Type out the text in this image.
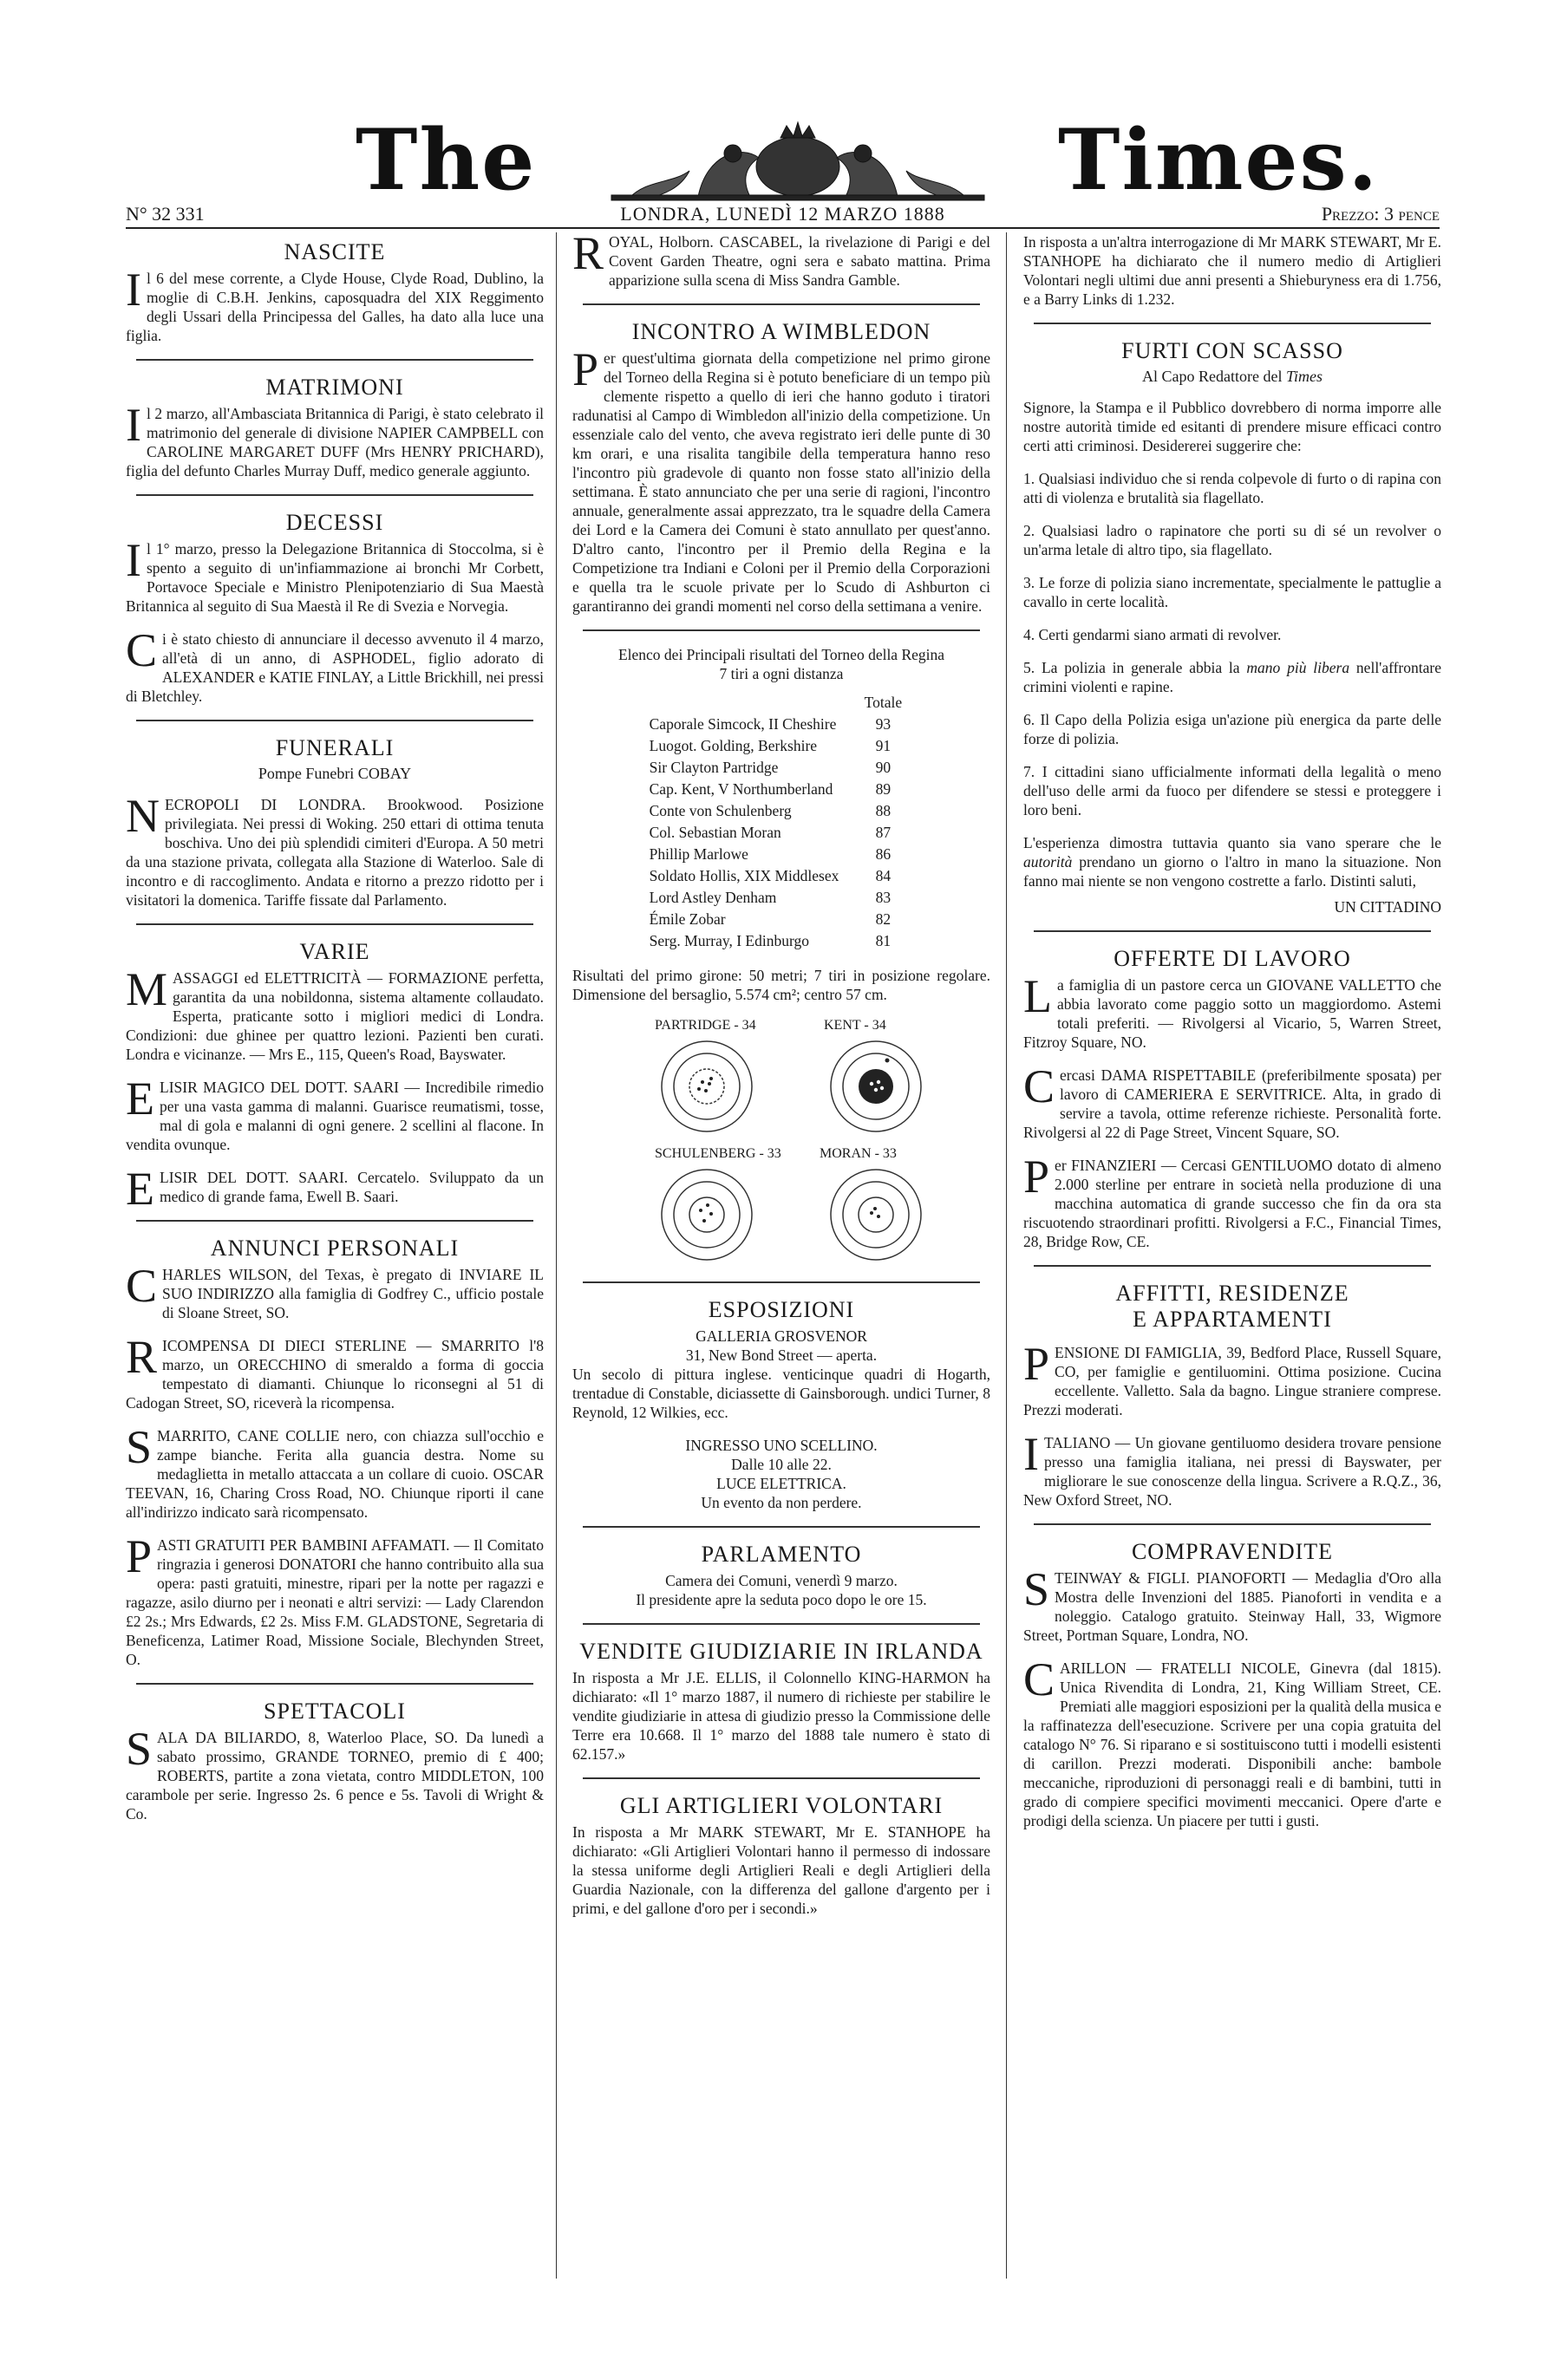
The	Times.
N° 32 331	LONDRA, LUNEDÌ 12 MARZO 1888	Prezzo: 3 pence
NASCITE

Il 6 del mese corrente, a Clyde House, Clyde Road, Dublino, la moglie di C.B.H. Jenkins, caposquadra del XIX Reggimento degli Ussari della Principessa del Galles, ha dato alla luce una figlia.

MATRIMONI

Il 2 marzo, all'Ambasciata Britannica di Parigi, è stato celebrato il matrimonio del generale di divisione NAPIER CAMPBELL con CAROLINE MARGARET DUFF (Mrs HENRY PRICHARD), figlia del defunto Charles Murray Duff, medico generale aggiunto.

DECESSI

Il 1° marzo, presso la Delegazione Britannica di Stoccolma, si è spento a seguito di un'infiammazione ai bronchi Mr Corbett, Portavoce Speciale e Ministro Plenipotenziario di Sua Maestà Britannica al seguito di Sua Maestà il Re di Svezia e Norvegia.

Ci è stato chiesto di annunciare il decesso avvenuto il 4 marzo, all'età di un anno, di ASPHODEL, figlio adorato di ALEXANDER e KATIE FINLAY, a Little Brickhill, nei pressi di Bletchley.

FUNERALI
Pompe Funebri COBAY

NECROPOLI DI LONDRA. Brookwood. Posizione privilegiata. Nei pressi di Woking. 250 ettari di ottima tenuta boschiva. Uno dei più splendidi cimiteri d'Europa. A 50 metri da una stazione privata, collegata alla Stazione di Waterloo. Sale di incontro e di raccoglimento. Andata e ritorno a prezzo ridotto per i visitatori la domenica. Tariffe fissate dal Parlamento.

VARIE

MASSAGGI ed ELETTRICITÀ — FORMAZIONE perfetta, garantita da una nobildonna, sistema altamente collaudato. Esperta, praticante sotto i migliori medici di Londra. Condizioni: due ghinee per quattro lezioni. Pazienti ben curati. Londra e vicinanze. — Mrs E., 115, Queen's Road, Bayswater.

ELISIR MAGICO DEL DOTT. SAARI — Incredibile rimedio per una vasta gamma di malanni. Guarisce reumatismi, tosse, mal di gola e malanni di ogni genere. 2 scellini al flacone. In vendita ovunque.

ELISIR DEL DOTT. SAARI. Cercatelo. Sviluppato da un medico di grande fama, Ewell B. Saari.

ANNUNCI PERSONALI

CHARLES WILSON, del Texas, è pregato di INVIARE IL SUO INDIRIZZO alla famiglia di Godfrey C., ufficio postale di Sloane Street, SO.

RICOMPENSA DI DIECI STERLINE — SMARRITO l'8 marzo, un ORECCHINO di smeraldo a forma di goccia tempestato di diamanti. Chiunque lo riconsegni al 51 di Cadogan Street, SO, riceverà la ricompensa.

SMARRITO, CANE COLLIE nero, con chiazza sull'occhio e zampe bianche. Ferita alla guancia destra. Nome su medaglietta in metallo attaccata a un collare di cuoio. OSCAR TEEVAN, 16, Charing Cross Road, NO. Chiunque riporti il cane all'indirizzo indicato sarà ricompensato.

PASTI GRATUITI PER BAMBINI AFFAMATI. — Il Comitato ringrazia i generosi DONATORI che hanno contribuito alla sua opera: pasti gratuiti, minestre, ripari per la notte per ragazzi e ragazze, asilo diurno per i neonati e altri servizi: — Lady Clarendon £2 2s.; Mrs Edwards, £2 2s. Miss F.M. GLADSTONE, Segretaria di Beneficenza, Latimer Road, Missione Sociale, Blechynden Street, O.

SPETTACOLI

SALA DA BILIARDO, 8, Waterloo Place, SO. Da lunedì a sabato prossimo, GRANDE TORNEO, premio di £ 400; ROBERTS, partite a zona vietata, contro MIDDLETON, 100 carambole per serie. Ingresso 2s. 6 pence e 5s. Tavoli di Wright & Co.

ROYAL, Holborn. CASCABEL, la rivelazione di Parigi e del Covent Garden Theatre, ogni sera e sabato mattina. Prima apparizione sulla scena di Miss Sandra Gamble.

INCONTRO A WIMBLEDON

Per quest'ultima giornata della competizione nel primo girone del Torneo della Regina si è potuto beneficiare di un tempo più clemente rispetto a quello di ieri che hanno goduto i tiratori radunatisi al Campo di Wimbledon all'inizio della competizione. Un essenziale calo del vento, che aveva registrato ieri delle punte di 30 km orari, e una risalita tangibile della temperatura hanno reso l'incontro più gradevole di quanto non fosse stato all'inizio della settimana. È stato annunciato che per una serie di ragioni, l'incontro annuale, generalmente assai apprezzato, tra le squadre della Camera dei Lord e la Camera dei Comuni è stato annullato per quest'anno. D'altro canto, l'incontro per il Premio della Regina e la Competizione tra Indiani e Coloni per il Premio della Corporazioni e quella tra le scuole private per lo Scudo di Ashburton ci garantiranno dei grandi momenti nel corso della settimana a venire.

Elenco dei Principali risultati del Torneo della Regina
7 tiri a ogni distanza
	Totale
Caporale Simcock, II Cheshire	93
Luogot. Golding, Berkshire	91
Sir Clayton Partridge	90
Cap. Kent, V Northumberland	89
Conte von Schulenberg	88
Col. Sebastian Moran	87
Phillip Marlowe	86
Soldato Hollis, XIX Middlesex	84
Lord Astley Denham	83
Émile Zobar	82
Serg. Murray, I Edinburgo	81

Risultati del primo girone: 50 metri; 7 tiri in posizione regolare. Dimensione del bersaglio, 5.574 cm²; centro 57 cm.

PARTRIDGE - 34	KENT - 34
SCHULENBERG - 33	MORAN - 33
ESPOSIZIONI
GALLERIA GROSVENOR
31, New Bond Street — aperta.

Un secolo di pittura inglese. venticinque quadri di Hogarth, trentadue di Constable, diciassette di Gainsborough. undici Turner, 8 Reynold, 12 Wilkies, ecc.

INGRESSO UNO SCELLINO.
Dalle 10 alle 22.
LUCE ELETTRICA.
Un evento da non perdere.
PARLAMENTO
Camera dei Comuni, venerdì 9 marzo.
Il presidente apre la seduta poco dopo le ore 15.
VENDITE GIUDIZIARIE IN IRLANDA

In risposta a Mr J.E. ELLIS, il Colonnello KING-HARMON ha dichiarato: «Il 1° marzo 1887, il numero di richieste per stabilire le vendite giudiziarie in attesa di giudizio presso la Commissione delle Terre era 10.668. Il 1° marzo del 1888 tale numero è stato di 62.157.»

GLI ARTIGLIERI VOLONTARI

In risposta a Mr MARK STEWART, Mr E. STANHOPE ha dichiarato: «Gli Artiglieri Volontari hanno il permesso di indossare la stessa uniforme degli Artiglieri Reali e degli Artiglieri della Guardia Nazionale, con la differenza del gallone d'argento per i primi, e del gallone d'oro per i secondi.»

In risposta a un'altra interrogazione di Mr MARK STEWART, Mr E. STANHOPE ha dichiarato che il numero medio di Artiglieri Volontari negli ultimi due anni presenti a Shieburyness era di 1.756, e a Barry Links di 1.232.

FURTI CON SCASSO
Al Capo Redattore del Times

Signore, la Stampa e il Pubblico dovrebbero di norma imporre alle nostre autorità timide ed esitanti di prendere misure efficaci contro certi atti criminosi. Desidererei suggerire che:

1. Qualsiasi individuo che si renda colpevole di furto o di rapina con atti di violenza e brutalità sia flagellato.

2. Qualsiasi ladro o rapinatore che porti su di sé un revolver o un'arma letale di altro tipo, sia flagellato.

3. Le forze di polizia siano incrementate, specialmente le pattuglie a cavallo in certe località.

4. Certi gendarmi siano armati di revolver.

5. La polizia in generale abbia la mano più libera nell'affrontare crimini violenti e rapine.

6. Il Capo della Polizia esiga un'azione più energica da parte delle forze di polizia.

7. I cittadini siano ufficialmente informati della legalità o meno dell'uso delle armi da fuoco per difendere se stessi e proteggere i loro beni.

L'esperienza dimostra tuttavia quanto sia vano sperare che le autorità prendano un giorno o l'altro in mano la situazione. Non fanno mai niente se non vengono costrette a farlo. Distinti saluti,

UN CITTADINO

OFFERTE DI LAVORO

La famiglia di un pastore cerca un GIOVANE VALLETTO che abbia lavorato come paggio sotto un maggiordomo. Astemi totali preferiti. — Rivolgersi al Vicario, 5, Warren Street, Fitzroy Square, NO.

Cercasi DAMA RISPETTABILE (preferibilmente sposata) per lavoro di CAMERIERA E SERVITRICE. Alta, in grado di servire a tavola, ottime referenze richieste. Personalità forte. Rivolgersi al 22 di Page Street, Vincent Square, SO.

Per FINANZIERI — Cercasi GENTILUOMO dotato di almeno 2.000 sterline per entrare in società nella produzione di una macchina automatica di grande successo che fin da ora sta riscuotendo straordinari profitti. Rivolgersi a F.C., Financial Times, 28, Bridge Row, CE.

AFFITTI, RESIDENZE
E APPARTAMENTI

PENSIONE DI FAMIGLIA, 39, Bedford Place, Russell Square, CO, per famiglie e gentiluomini. Ottima posizione. Cucina eccellente. Valletto. Sala da bagno. Lingue straniere comprese. Prezzi moderati.

ITALIANO — Un giovane gentiluomo desidera trovare pensione presso una famiglia italiana, nei pressi di Bayswater, per migliorare le sue conoscenze della lingua. Scrivere a R.Q.Z., 36, New Oxford Street, NO.

COMPRAVENDITE

STEINWAY & FIGLI. PIANOFORTI — Medaglia d'Oro alla Mostra delle Invenzioni del 1885. Pianoforti in vendita e a noleggio. Catalogo gratuito. Steinway Hall, 33, Wigmore Street, Portman Square, Londra, NO.

CARILLON — FRATELLI NICOLE, Ginevra (dal 1815). Unica Rivendita di Londra, 21, King William Street, CE. Premiati alle maggiori esposizioni per la qualità della musica e la raffinatezza dell'esecuzione. Scrivere per una copia gratuita del catalogo N° 76. Si riparano e si sostituiscono tutti i modelli esistenti di carillon. Prezzi moderati. Disponibili anche: bambole meccaniche, riproduzioni di personaggi reali e di bambini, tutti in grado di compiere specifici movimenti meccanici. Opere d'arte e prodigi della scienza. Un piacere per tutti i gusti.
